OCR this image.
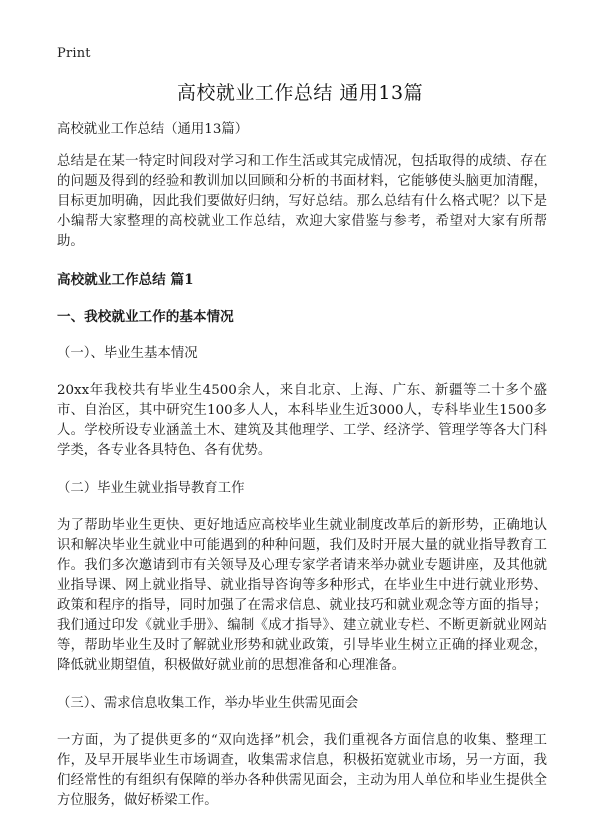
Print
高校就业工作总结 通用13篇

高校就业工作总结（通用13篇）

总结是在某一特定时间段对学习和工作生活或其完成情况，包括取得的成绩、存在的问题及得到的经验和教训加以回顾和分析的书面材料，它能够使头脑更加清醒，目标更加明确，因此我们要做好归纳，写好总结。那么总结有什么格式呢？以下是小编帮大家整理的高校就业工作总结，欢迎大家借鉴与参考，希望对大家有所帮助。

高校就业工作总结 篇1
一、我校就业工作的基本情况
（一）、毕业生基本情况

20xx年我校共有毕业生4500余人，来自北京、上海、广东、新疆等二十多个盛市、自治区，其中研究生100多人人，本科毕业生近3000人，专科毕业生1500多人。学校所设专业涵盖土木、建筑及其他理学、工学、经济学、管理学等各大门科学类，各专业各具特色、各有优势。

（二）毕业生就业指导教育工作

为了帮助毕业生更快、更好地适应高校毕业生就业制度改革后的新形势，正确地认识和解决毕业生就业中可能遇到的种种问题，我们及时开展大量的就业指导教育工作。我们多次邀请到市有关领导及心理专家学者请来举办就业专题讲座，及其他就业指导课、网上就业指导、就业指导咨询等多种形式，在毕业生中进行就业形势、政策和程序的指导，同时加强了在需求信息、就业技巧和就业观念等方面的指导；我们通过印发《就业手册》、编制《成才指导》、建立就业专栏、不断更新就业网站等，帮助毕业生及时了解就业形势和就业政策，引导毕业生树立正确的择业观念，降低就业期望值，积极做好就业前的思想准备和心理准备。

（三）、需求信息收集工作，举办毕业生供需见面会

一方面，为了提供更多的“双向选择”机会，我们重视各方面信息的收集、整理工作，及早开展毕业生市场调查，收集需求信息，积极拓宽就业市场，另一方面，我们经常性的有组织有保障的举办各种供需见面会，主动为用人单位和毕业生提供全方位服务，做好桥梁工作。
